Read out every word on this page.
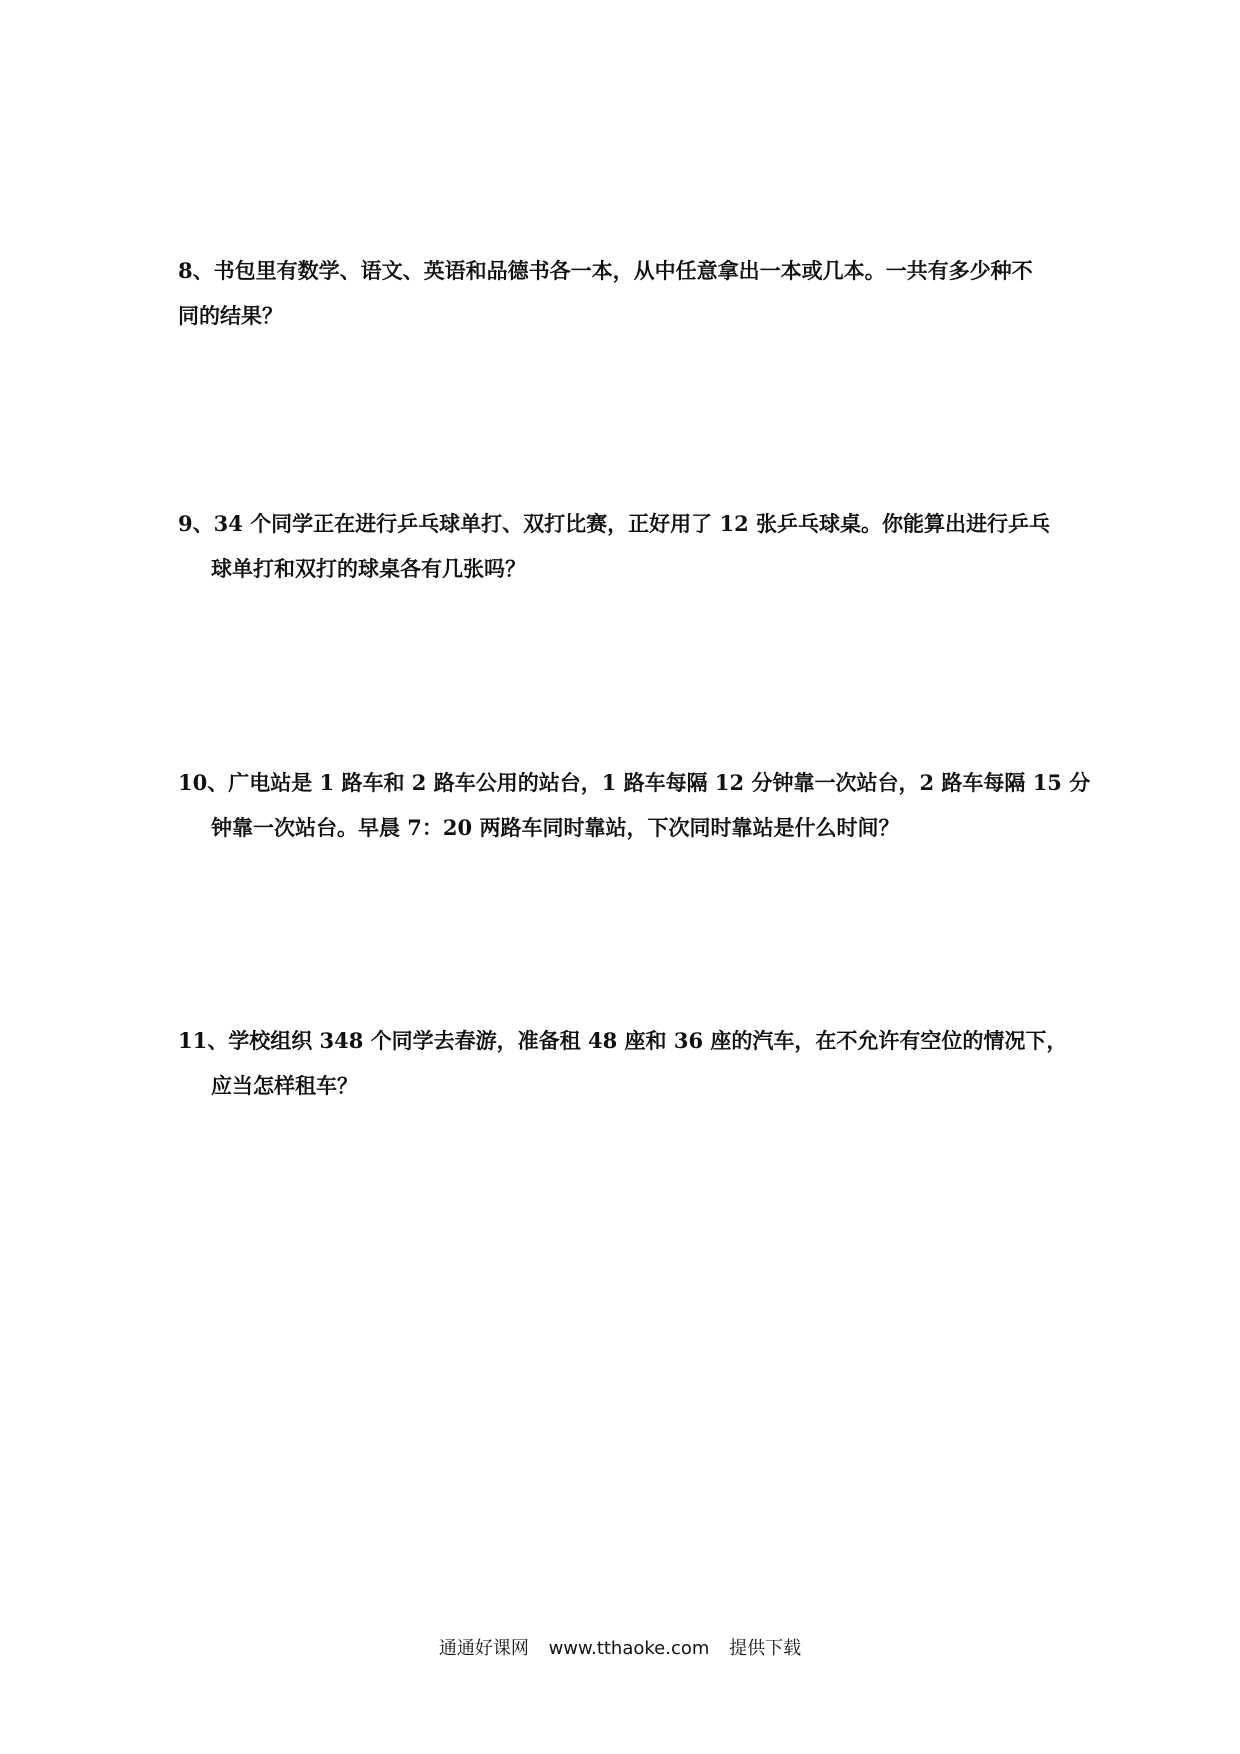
8、书包里有数学、语文、英语和品德书各一本，从中任意拿出一本或几本。一共有多少种不
同的结果？
9、34 个同学正在进行乒乓球单打、双打比赛，正好用了 12 张乒乓球桌。你能算出进行乒乓
球单打和双打的球桌各有几张吗？
10、广电站是 1 路车和 2 路车公用的站台，1 路车每隔 12 分钟靠一次站台，2 路车每隔 15 分
钟靠一次站台。早晨 7：20 两路车同时靠站，下次同时靠站是什么时间？
11、学校组织 348 个同学去春游，准备租 48 座和 36 座的汽车，在不允许有空位的情况下，
应当怎样租车？
通通好课网 www.tthaoke.com 提供下载
